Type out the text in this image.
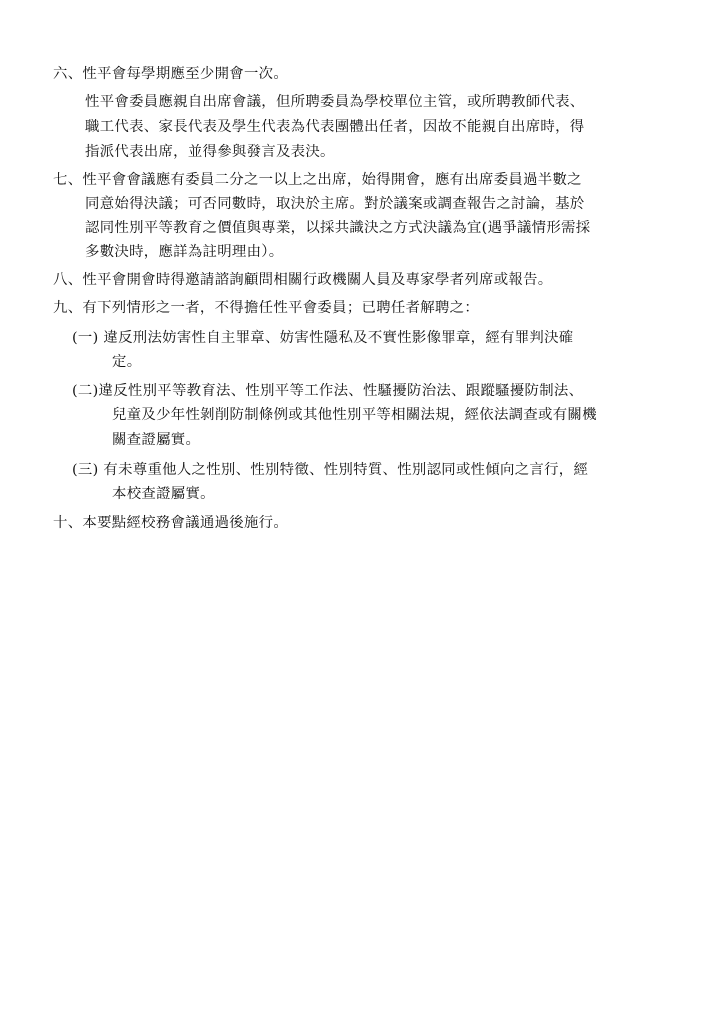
六、性平會每學期應至少開會一次。
性平會委員應親自出席會議，但所聘委員為學校單位主管，或所聘教師代表、
職工代表、家長代表及學生代表為代表團體出任者，因故不能親自出席時，得
指派代表出席，並得參與發言及表決。
七、性平會會議應有委員二分之一以上之出席，始得開會，應有出席委員過半數之
同意始得決議；可否同數時，取決於主席。對於議案或調查報告之討論，基於
認同性別平等教育之價值與專業，以採共識決之方式決議為宜(遇爭議情形需採
多數決時，應詳為註明理由）。
八、性平會開會時得邀請諮詢顧問相關行政機關人員及專家學者列席或報告。
九、有下列情形之一者，不得擔任性平會委員；已聘任者解聘之：
(一) 違反刑法妨害性自主罪章、妨害性隱私及不實性影像罪章，經有罪判決確
定。
(二)違反性別平等教育法、性別平等工作法、性騷擾防治法、跟蹤騷擾防制法、
兒童及少年性剝削防制條例或其他性別平等相關法規，經依法調查或有關機
關查證屬實。
(三) 有未尊重他人之性別、性別特徵、性別特質、性別認同或性傾向之言行，經
本校查證屬實。
十、本要點經校務會議通過後施行。
